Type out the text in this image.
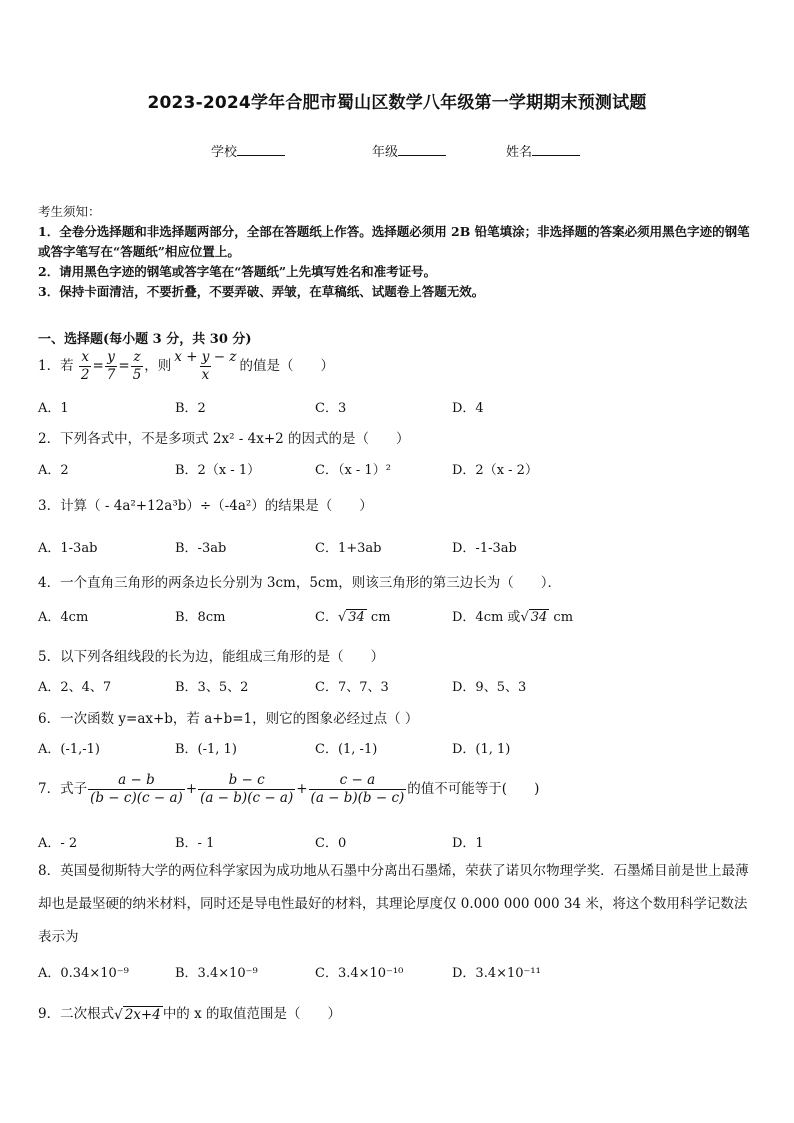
2023-2024学年合肥市蜀山区数学八年级第一学期期末预测试题
学校	年级	姓名
考生须知：
1．全卷分选择题和非选择题两部分，全部在答题纸上作答。选择题必须用 2B 铅笔填涂；非选择题的答案必须用黑色字迹的钢笔或答字笔写在“答题纸”相应位置上。
2．请用黑色字迹的钢笔或答字笔在“答题纸”上先填写姓名和准考证号。
3．保持卡面清洁，不要折叠，不要弄破、弄皱，在草稿纸、试题卷上答题无效。
一、选择题(每小题 3 分，共 30 分)
1．若 $\frac{x}{2} = \frac{y}{7} = \frac{z}{5}$ ，则 $\frac{x + y - z}{x}$ 的值是（　　）
A．1	B．2	C．3	D．4
2．下列各式中，不是多项式 2x² - 4x+2 的因式的是（　　）
A．2	B．2（x - 1）	C．（x - 1）²	D．2（x - 2）
3．计算（ - 4a²+12a³b）÷（-4a²）的结果是（　　）
A．1-3ab	B．-3ab	C．1+3ab	D．-1-3ab
4．一个直角三角形的两条边长分别为 3cm，5cm，则该三角形的第三边长为（　　）．
A．4cm	B．8cm	C．√ 34 cm	D．4cm 或√ 34 cm
5．以下列各组线段的长为边，能组成三角形的是（　　）
A．2、4、7	B．3、5、2	C．7、7、3	D．9、5、3
6．一次函数 y=ax+b，若 a+b=1，则它的图象必经过点（ ）
A．(-1,-1)	B．(-1, 1)	C．(1, -1)	D．(1, 1)
7．式子 $\frac{a - b}{(b - c)(c - a)} + \frac{b - c}{(a - b)(c - a)} + \frac{c - a}{(a - b)(b - c)}$ 的值不可能等于(　　)
A．- 2	B．- 1	C．0	D．1
8．英国曼彻斯特大学的两位科学家因为成功地从石墨中分离出石墨烯，荣获了诺贝尔物理学奖．石墨烯目前是世上最薄却也是最坚硬的纳米材料，同时还是导电性最好的材料，其理论厚度仅 0.000 000 000 34 米，将这个数用科学记数法表示为
A．0.34×10⁻⁹	B．3.4×10⁻⁹	C．3.4×10⁻¹⁰	D．3.4×10⁻¹¹
9．二次根式√ 2x+4 中的 x 的取值范围是（　　）
